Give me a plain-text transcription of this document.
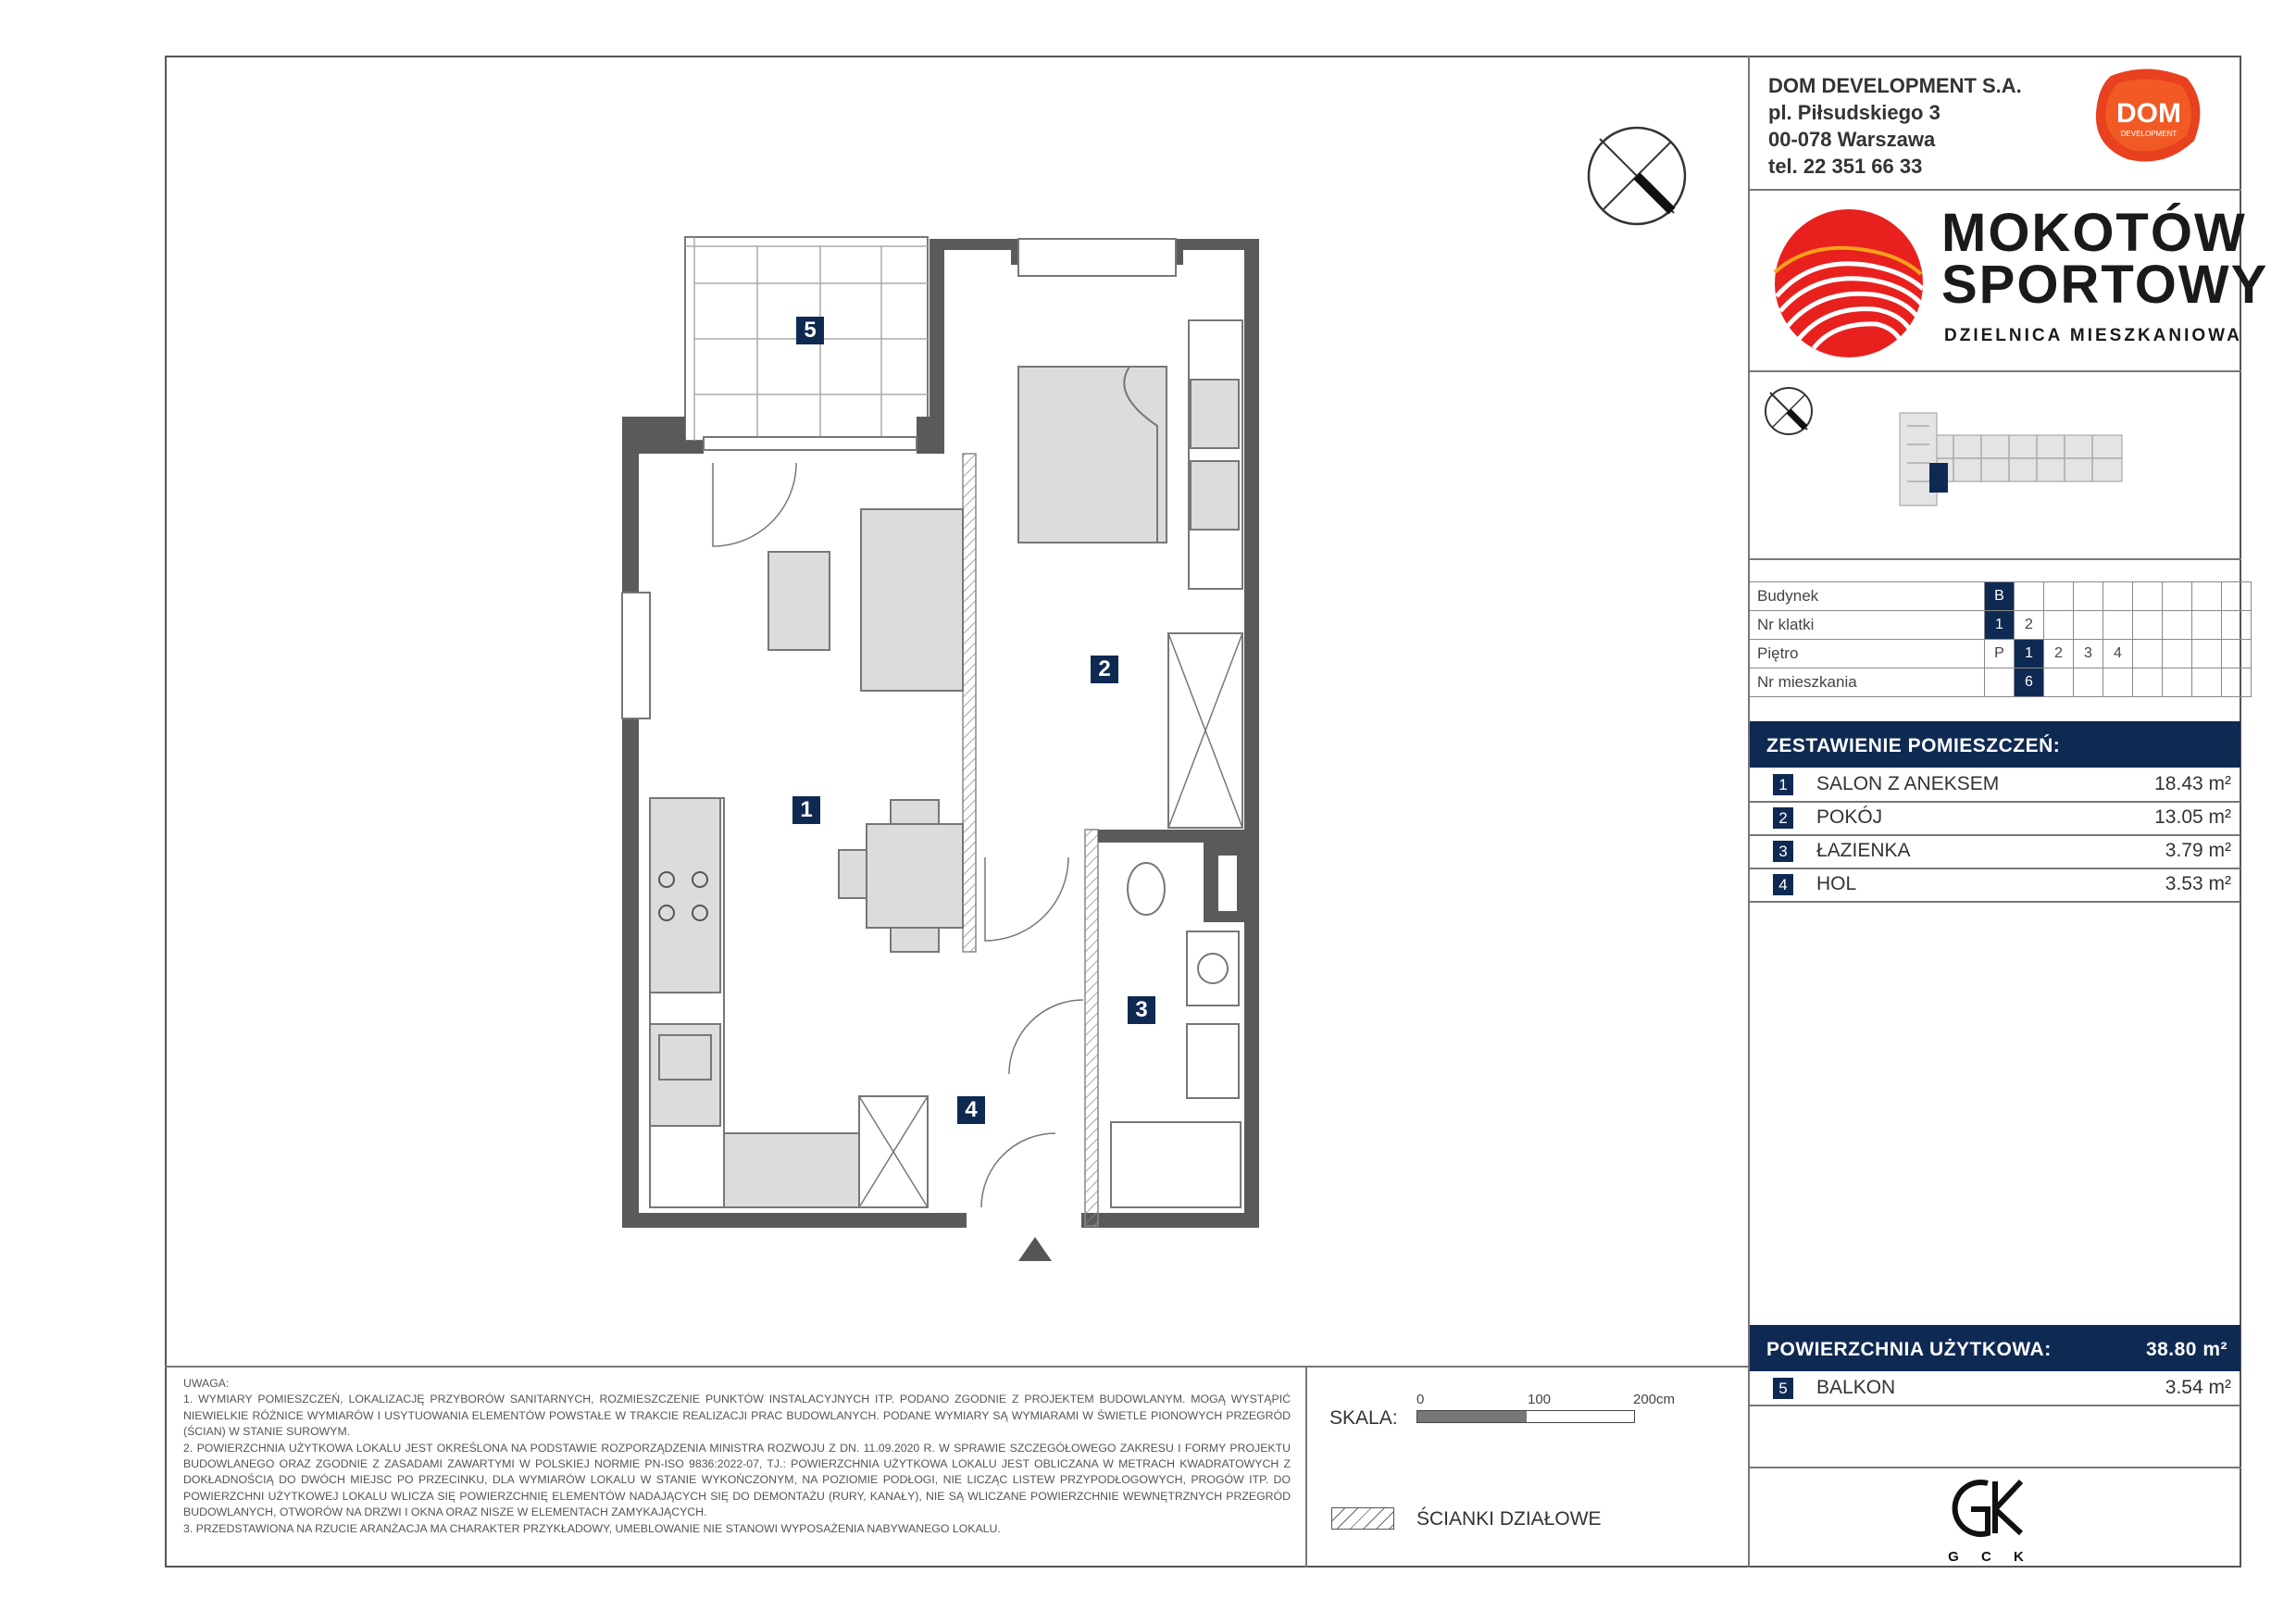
DOM DEVELOPMENT S.A.
pl. Piłsudskiego 3
00-078 Warszawa
tel. 22 351 66 33
DOM
DEVELOPMENT
MOKOTÓW
SPORTOWY
DZIELNICA MIESZKANIOWA
Budynek	B								
Nr klatki	1	2							
Piętro	P	1	2	3	4				
Nr mieszkania		6							
ZESTAWIENIE POMIESZCZEŃ:
1 SALON Z ANEKSEM	18.43 m²
2 POKÓJ	13.05 m²
3 ŁAZIENKA	3.79 m²
4 HOL	3.53 m²
POWIERZCHNIA UŻYTKOWA:	38.80 m²
5 BALKON	3.54 m²
G C K
UWAGA:
1. WYMIARY POMIESZCZEŃ, LOKALIZACJĘ PRZYBORÓW SANITARNYCH, ROZMIESZCZENIE PUNKTÓW INSTALACYJNYCH ITP. PODANO ZGODNIE Z PROJEKTEM BUDOWLANYM. MOGĄ WYSTĄPIĆ NIEWIELKIE RÓŻNICE WYMIARÓW I USYTUOWANIA ELEMENTÓW POWSTAŁE W TRAKCIE REALIZACJI PRAC BUDOWLANYCH. PODANE WYMIARY SĄ WYMIARAMI W ŚWIETLE PIONOWYCH PRZEGRÓD (ŚCIAN) W STANIE SUROWYM.
2. POWIERZCHNIA UŻYTKOWA LOKALU JEST OKREŚLONA NA PODSTAWIE ROZPORZĄDZENIA MINISTRA ROZWOJU Z DN. 11.09.2020 R. W SPRAWIE SZCZEGÓŁOWEGO ZAKRESU I FORMY PROJEKTU BUDOWLANEGO ORAZ ZGODNIE Z ZASADAMI ZAWARTYMI W POLSKIEJ NORMIE PN-ISO 9836:2022-07, TJ.: POWIERZCHNIA UŻYTKOWA LOKALU JEST OBLICZANA W METRACH KWADRATOWYCH Z DOKŁADNOŚCIĄ DO DWÓCH MIEJSC PO PRZECINKU, DLA WYMIARÓW LOKALU W STANIE WYKOŃCZONYM, NA POZIOMIE PODŁOGI, NIE LICZĄC LISTEW PRZYPODŁOGOWYCH, PROGÓW ITP. DO POWIERZCHNI UŻYTKOWEJ LOKALU WLICZA SIĘ POWIERZCHNIĘ ELEMENTÓW NADAJĄCYCH SIĘ DO DEMONTAŻU (RURY, KANAŁY), NIE SĄ WLICZANE POWIERZCHNIE WEWNĘTRZNYCH PRZEGRÓD BUDOWLANYCH, OTWORÓW NA DRZWI I OKNA ORAZ NISZE W ELEMENTACH ZAMYKAJĄCYCH.
3. PRZEDSTAWIONA NA RZUCIE ARANŻACJA MA CHARAKTER PRZYKŁADOWY, UMEBLOWANIE NIE STANOWI WYPOSAŻENIA NABYWANEGO LOKALU.
SKALA:
0	100	200cm
ŚCIANKI DZIAŁOWE
1
2
3
4
5
